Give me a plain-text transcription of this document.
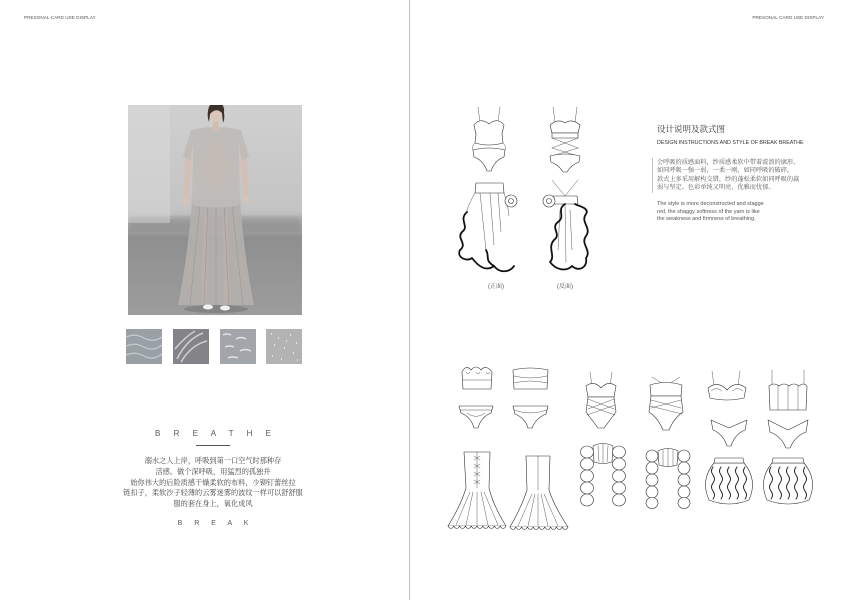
PRESONAL CARD USE DISPLAY
B R E A T H E
溺水之人上岸，呼吸到第一口空气时那种存
活感。做个深呼吸，用猛烈的孤独并
始你伟大的后险质感干燥柔软的布料，少铆钉蕾丝拉
链扣子，柔软沙子轻薄的云雾迷雾的波纹一样可以舒舒服
服的套在身上，氧化成风
B R E A K
PRESONAL CARD USE DISPLAY
(正面)	(反面)
设计说明及款式图
DESIGN INSTRUCTIONS AND STYLE OF BREAK BREATHE
会呼吸的质感面料，纱质感柔软中带着波浪的廓形，
如同呼吸一强一弱，一柔一刚，如同呼吸的破碎，
款式上多采用解构交错，纱的蓬松柔软如同呼吸的羸
弱与坚定。色彩单纯又明亮，优雅而忧郁。
The style is more deconstructed and stagge
red, the shaggy softness of the yarn is like
the weakness and firmness of breathing.
